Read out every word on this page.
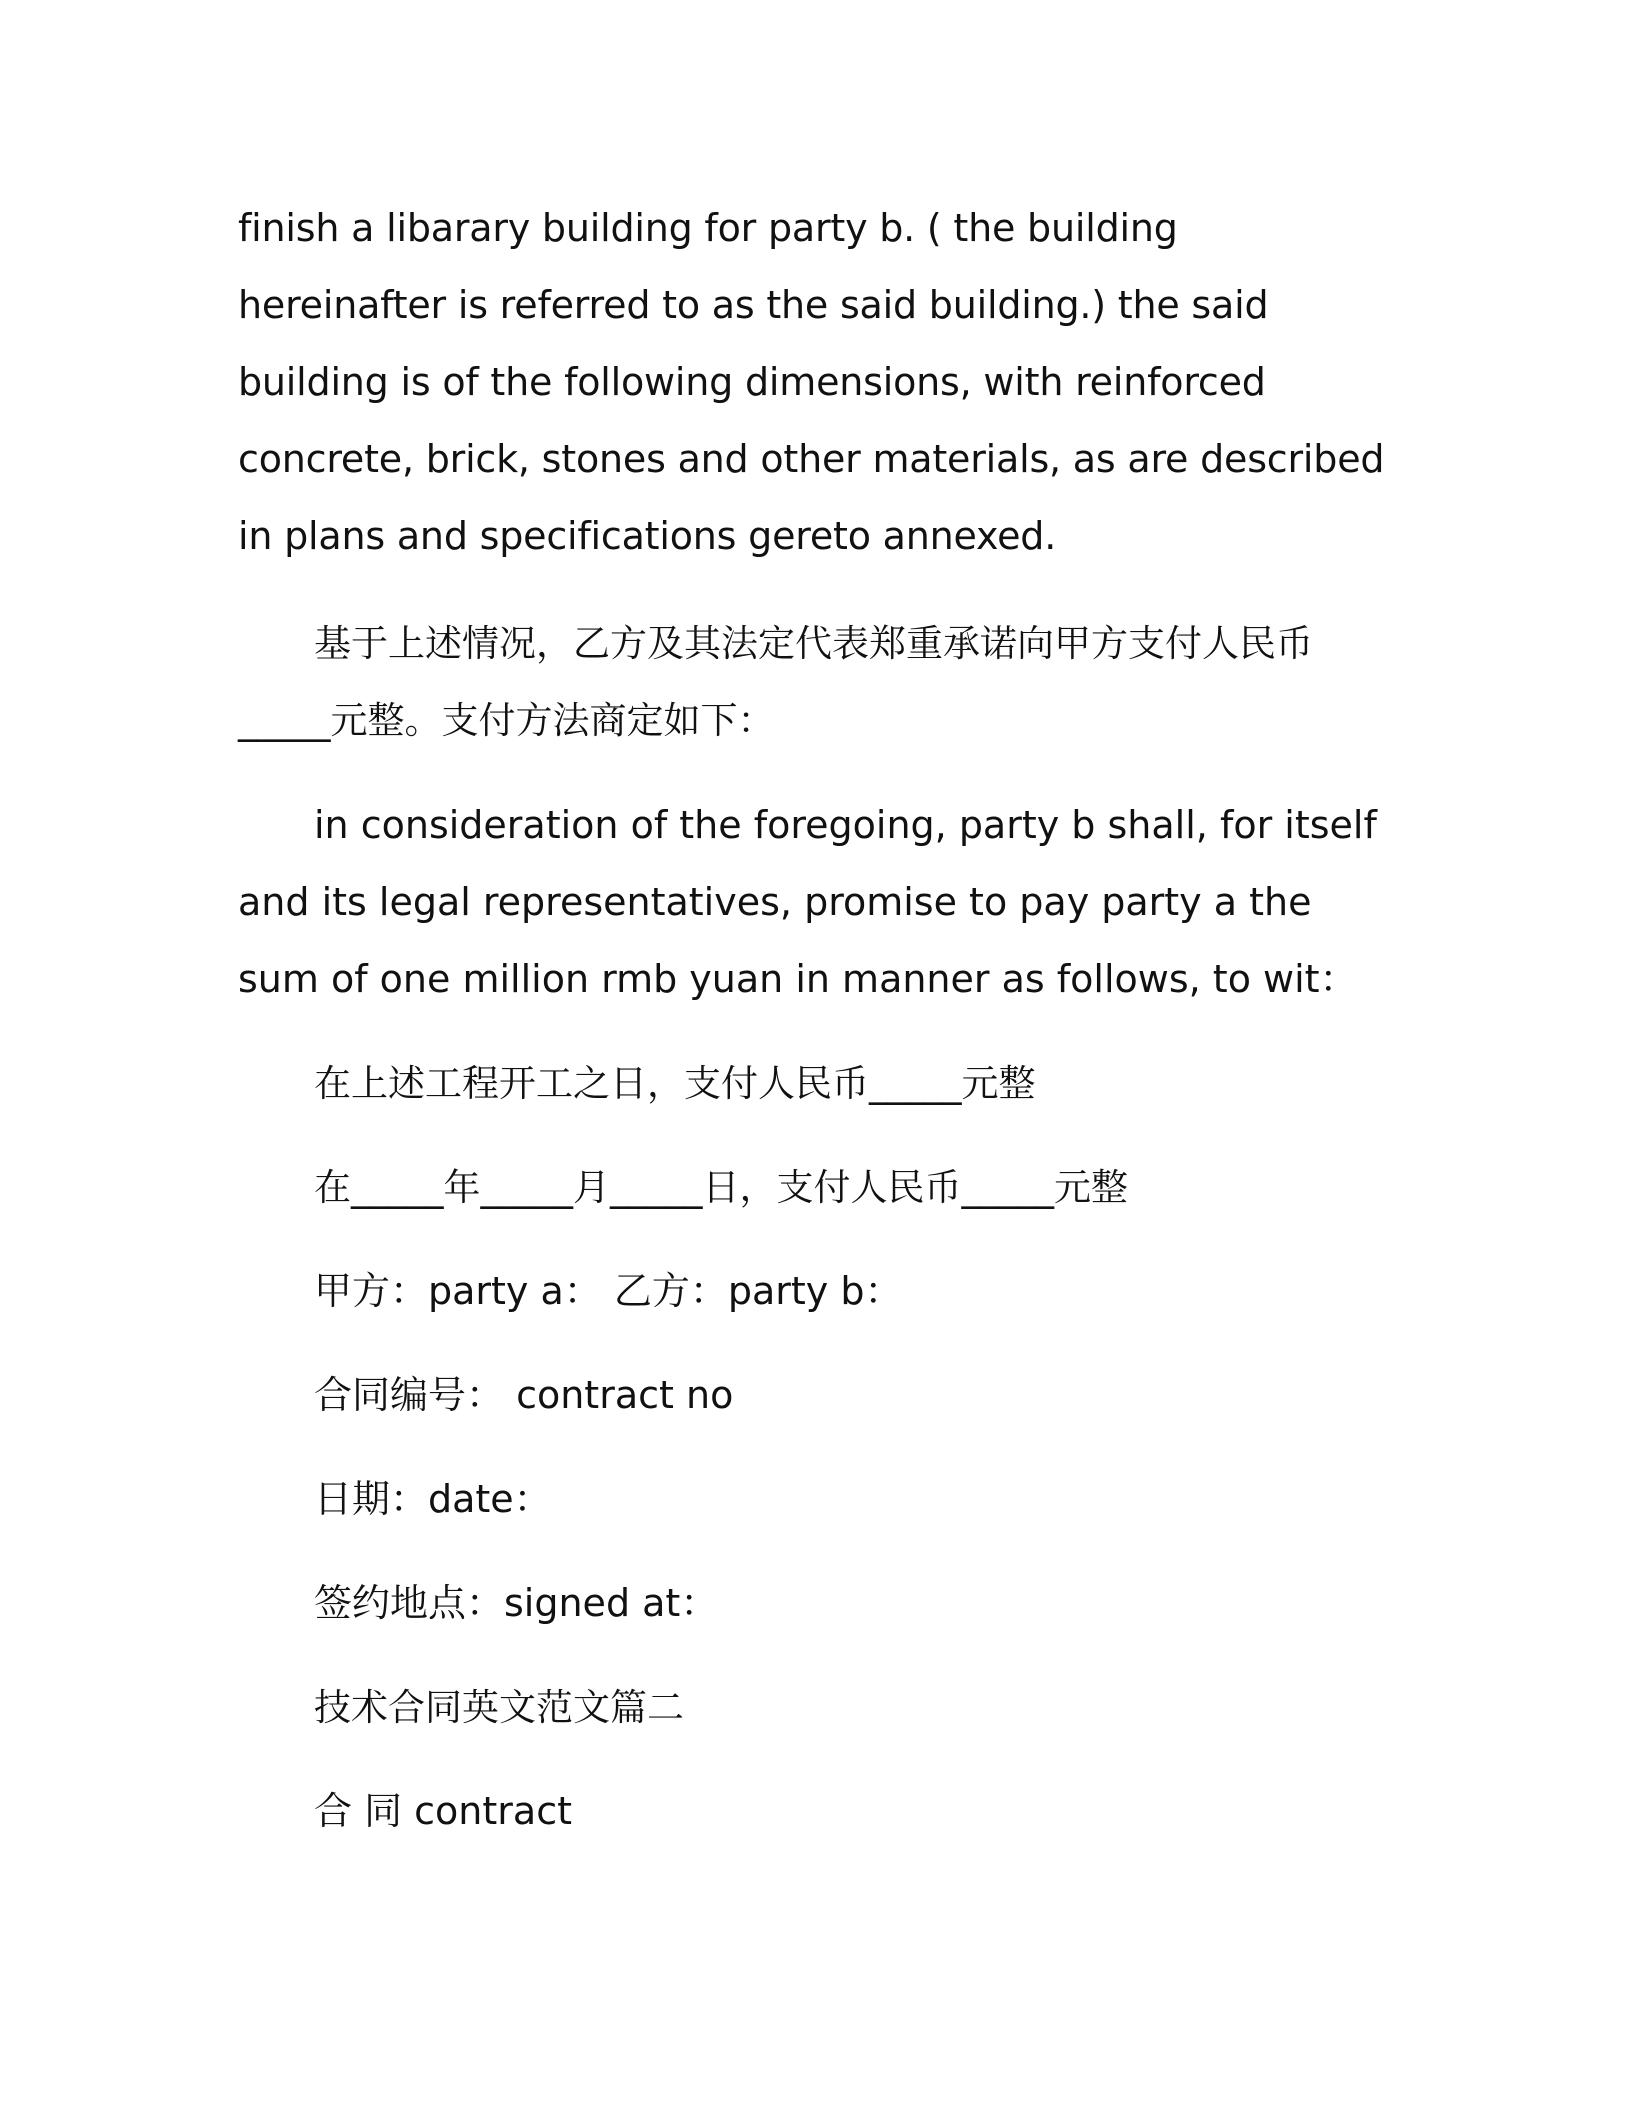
finish a libarary building for party b. ( the building hereinafter is referred to as the said building.) the said building is of the following dimensions, with reinforced concrete, brick, stones and other materials, as are described in plans and specifications gereto annexed.

基于上述情况，乙方及其法定代表郑重承诺向甲方支付人民币_____元整。支付方法商定如下：

in consideration of the foregoing, party b shall, for itself and its legal representatives, promise to pay party a the sum of one million rmb yuan in manner as follows, to wit：

在上述工程开工之日，支付人民币_____元整

在_____年_____月_____日，支付人民币_____元整

甲方：party a： 乙方：party b：

合同编号： contract no

日期：date：

签约地点：signed at：

技术合同英文范文篇二

合 同 contract
